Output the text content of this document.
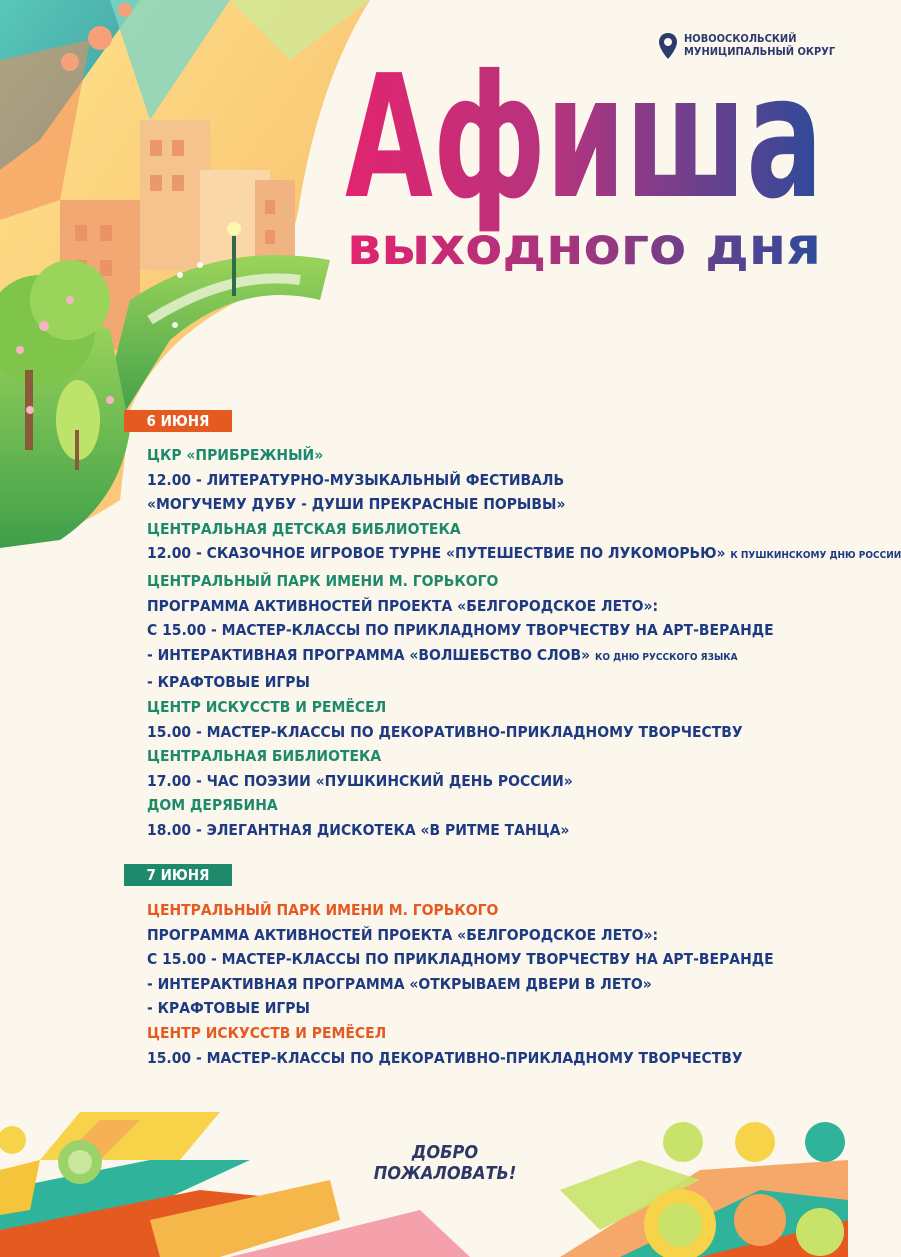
НОВООСКОЛЬСКИЙ
МУНИЦИПАЛЬНЫЙ ОКРУГ
Афиша
выходного дня
6 ИЮНЯ
ЦКР «ПРИБРЕЖНЫЙ»
12.00 - ЛИТЕРАТУРНО-МУЗЫКАЛЬНЫЙ ФЕСТИВАЛЬ
«МОГУЧЕМУ ДУБУ - ДУШИ ПРЕКРАСНЫЕ ПОРЫВЫ»
ЦЕНТРАЛЬНАЯ ДЕТСКАЯ БИБЛИОТЕКА
12.00 - СКАЗОЧНОЕ ИГРОВОЕ ТУРНЕ «ПУТЕШЕСТВИЕ ПО ЛУКОМОРЬЮ» К ПУШКИНСКОМУ ДНЮ РОССИИ
ЦЕНТРАЛЬНЫЙ ПАРК ИМЕНИ М. ГОРЬКОГО
ПРОГРАММА АКТИВНОСТЕЙ ПРОЕКТА «БЕЛГОРОДСКОЕ ЛЕТО»:
С 15.00 - МАСТЕР-КЛАССЫ ПО ПРИКЛАДНОМУ ТВОРЧЕСТВУ НА АРТ-ВЕРАНДЕ
- ИНТЕРАКТИВНАЯ ПРОГРАММА «ВОЛШЕБСТВО СЛОВ» КО ДНЮ РУССКОГО ЯЗЫКА
- КРАФТОВЫЕ ИГРЫ
ЦЕНТР ИСКУССТВ И РЕМЁСЕЛ
15.00 - МАСТЕР-КЛАССЫ ПО ДЕКОРАТИВНО-ПРИКЛАДНОМУ ТВОРЧЕСТВУ
ЦЕНТРАЛЬНАЯ БИБЛИОТЕКА
17.00 - ЧАС ПОЭЗИИ «ПУШКИНСКИЙ ДЕНЬ РОССИИ»
ДОМ ДЕРЯБИНА
18.00 - ЭЛЕГАНТНАЯ ДИСКОТЕКА «В РИТМЕ ТАНЦА»
7 ИЮНЯ
ЦЕНТРАЛЬНЫЙ ПАРК ИМЕНИ М. ГОРЬКОГО
ПРОГРАММА АКТИВНОСТЕЙ ПРОЕКТА «БЕЛГОРОДСКОЕ ЛЕТО»:
С 15.00 - МАСТЕР-КЛАССЫ ПО ПРИКЛАДНОМУ ТВОРЧЕСТВУ НА АРТ-ВЕРАНДЕ
- ИНТЕРАКТИВНАЯ ПРОГРАММА «ОТКРЫВАЕМ ДВЕРИ В ЛЕТО»
- КРАФТОВЫЕ ИГРЫ
ЦЕНТР ИСКУССТВ И РЕМЁСЕЛ
15.00 - МАСТЕР-КЛАССЫ ПО ДЕКОРАТИВНО-ПРИКЛАДНОМУ ТВОРЧЕСТВУ
ДОБРО ПОЖАЛОВАТЬ!
